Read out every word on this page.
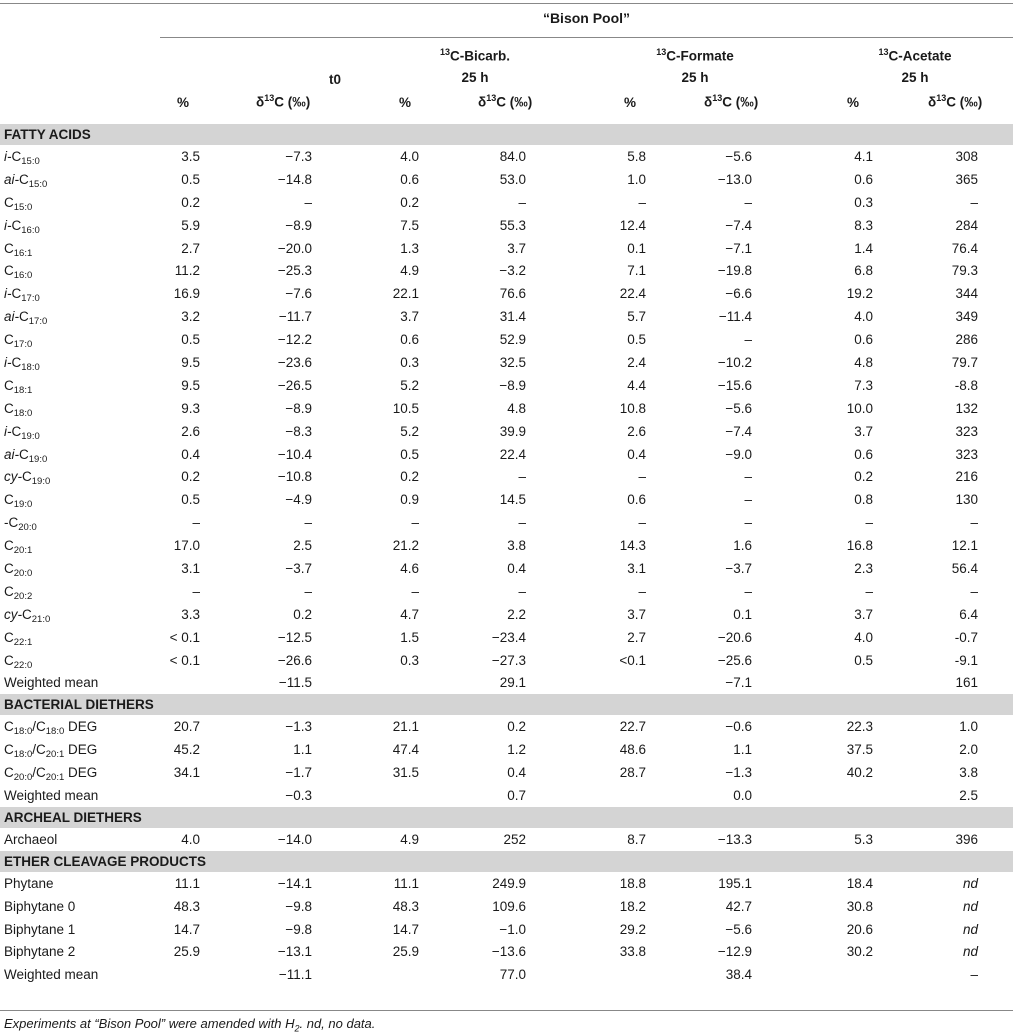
“Bison Pool”
t0
$^{13}$C-Bicarb.
25 h
$^{13}$C-Formate
25 h
$^{13}$C-Acetate
25 h
%	$\delta^{13}C$ (‰)	%	$\delta^{13}C$ (‰)	%	$\delta^{13}C$ (‰)	%	$\delta^{13}C$ (‰)
FATTY ACIDS									
$i-C_{15:0}$	3.5	−7.3	4.0	84.0	5.8	−5.6	4.1	308	
$ai-C_{15:0}$	0.5	−14.8	0.6	53.0	1.0	−13.0	0.6	365	
$C_{15:0}$	0.2	–	0.2	–	–	–	0.3	–	
$i-C_{16:0}$	5.9	−8.9	7.5	55.3	12.4	−7.4	8.3	284	
$C_{16:1}$	2.7	−20.0	1.3	3.7	0.1	−7.1	1.4	76.4	
$C_{16:0}$	11.2	−25.3	4.9	−3.2	7.1	−19.8	6.8	79.3	
$i-C_{17:0}$	16.9	−7.6	22.1	76.6	22.4	−6.6	19.2	344	
$ai-C_{17:0}$	3.2	−11.7	3.7	31.4	5.7	−11.4	4.0	349	
$C_{17:0}$	0.5	−12.2	0.6	52.9	0.5	–	0.6	286	
$i-C_{18:0}$	9.5	−23.6	0.3	32.5	2.4	−10.2	4.8	79.7	
$C_{18:1}$	9.5	−26.5	5.2	−8.9	4.4	−15.6	7.3	-8.8	
$C_{18:0}$	9.3	−8.9	10.5	4.8	10.8	−5.6	10.0	132	
$i-C_{19:0}$	2.6	−8.3	5.2	39.9	2.6	−7.4	3.7	323	
$ai-C_{19:0}$	0.4	−10.4	0.5	22.4	0.4	−9.0	0.6	323	
$cy-C_{19:0}$	0.2	−10.8	0.2	–	–	–	0.2	216	
$C_{19:0}$	0.5	−4.9	0.9	14.5	0.6	–	0.8	130	
$-C_{20:0}$	–	–	–	–	–	–	–	–	
$C_{20:1}$	17.0	2.5	21.2	3.8	14.3	1.6	16.8	12.1	
$C_{20:0}$	3.1	−3.7	4.6	0.4	3.1	−3.7	2.3	56.4	
$C_{20:2}$	–	–	–	–	–	–	–	–	
$cy-C_{21:0}$	3.3	0.2	4.7	2.2	3.7	0.1	3.7	6.4	
$C_{22:1}$	< 0.1	−12.5	1.5	−23.4	2.7	−20.6	4.0	-0.7	
$C_{22:0}$	< 0.1	−26.6	0.3	−27.3	<0.1	−25.6	0.5	-9.1	
Weighted mean		−11.5		29.1		−7.1		161	
BACTERIAL DIETHERS									
$C_{18:0}/C_{18:0}$ DEG	20.7	−1.3	21.1	0.2	22.7	−0.6	22.3	1.0	
$C_{18:0}/C_{20:1}$ DEG	45.2	1.1	47.4	1.2	48.6	1.1	37.5	2.0	
$C_{20:0}/C_{20:1}$ DEG	34.1	−1.7	31.5	0.4	28.7	−1.3	40.2	3.8	
Weighted mean		−0.3		0.7		0.0		2.5	
ARCHEAL DIETHERS									
Archaeol	4.0	−14.0	4.9	252	8.7	−13.3	5.3	396	
ETHER CLEAVAGE PRODUCTS									
Phytane	11.1	−14.1	11.1	249.9	18.8	195.1	18.4	nd	
Biphytane 0	48.3	−9.8	48.3	109.6	18.2	42.7	30.8	nd	
Biphytane 1	14.7	−9.8	14.7	−1.0	29.2	−5.6	20.6	nd	
Biphytane 2	25.9	−13.1	25.9	−13.6	33.8	−12.9	30.2	nd	
Weighted mean		−11.1		77.0		38.4		–	
Experiments at “Bison Pool” were amended with $H_2$. nd, no data.
